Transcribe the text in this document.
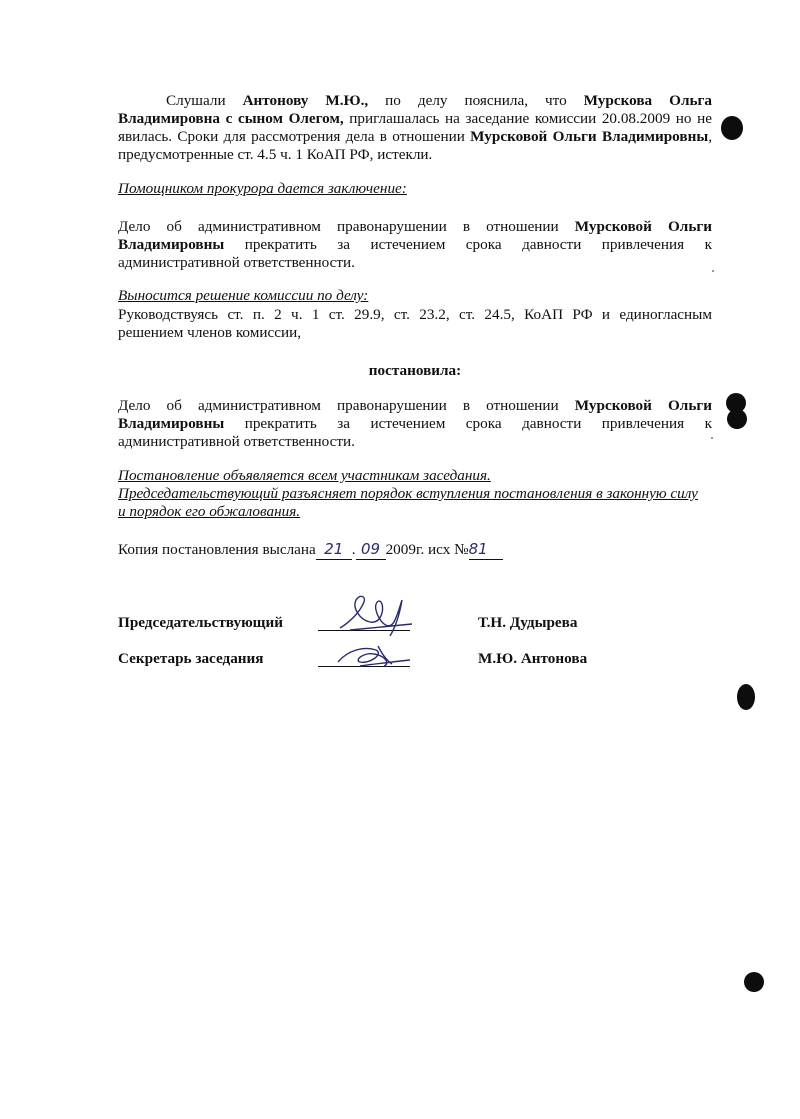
Слушали Антонову М.Ю., по делу пояснила, что Мурскова Ольга
Владимировна с сыном Олегом, приглашалась на заседание комиссии 20.08.2009 но не
явилась. Сроки для рассмотрения дела в отношении Мурсковой Ольги Владимировны,
предусмотренные ст. 4.5 ч. 1 КоАП РФ, истекли.
Помощником прокурора дается заключение:
Дело об административном правонарушении в отношении Мурсковой Ольги
Владимировны прекратить за истечением срока давности привлечения к
административной ответственности.
Выносится решение комиссии по делу:
Руководствуясь ст. п. 2 ч. 1 ст. 29.9, ст. 23.2, ст. 24.5, КоАП РФ и единогласным
решением членов комиссии,
постановила:
Дело об административном правонарушении в отношении Мурсковой Ольги
Владимировны прекратить за истечением срока давности привлечения к
административной ответственности.
Постановление объявляется всем участникам заседания.
Председательствующий разъясняет порядок вступления постановления в законную силу
и порядок его обжалования.
Копия постановления выслана 21 . 09 2009г. исх №81
Председательствующий	Т.Н. Дудырева
Секретарь заседания	М.Ю. Антонова
